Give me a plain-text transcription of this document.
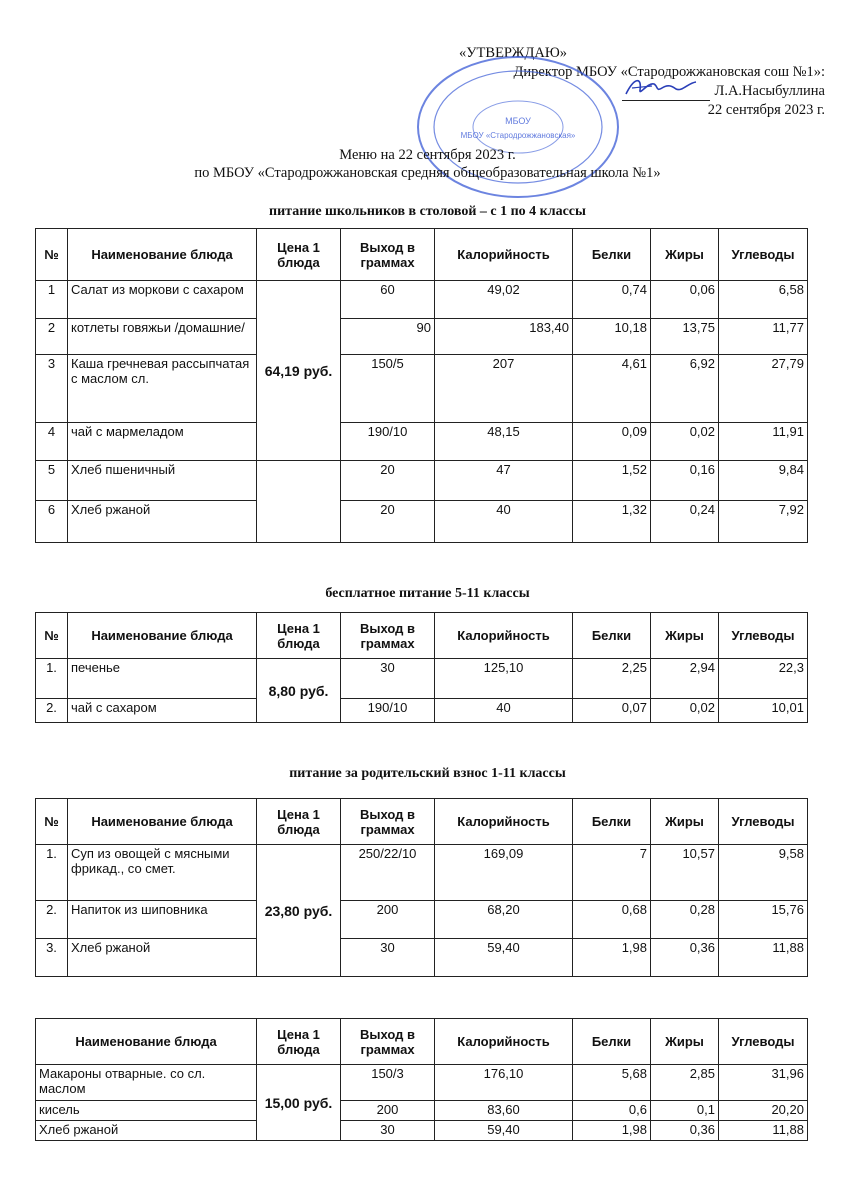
«УТВЕРЖДАЮ»
Директор МБОУ «Стародрожжановская сош №1»:
Л.А.Насыбуллина
22 сентября 2023 г.
МБОУ
МБОУ «Стародрожжановская»
Меню на 22 сентября 2023 г.
по МБОУ «Стародрожжановская средняя общеобразовательная школа №1»
питание школьников в столовой – с 1 по 4 классы
№	Наименование блюда	Цена 1 блюда	Выход в граммах	Калорийность	Белки	Жиры	Углеводы
1	Салат из моркови с сахаром	64,19 руб.	60	49,02	0,74	0,06	6,58
2	котлеты говяжьи /домашние/		90	183,40	10,18	13,75	11,77
3	Каша гречневая рассыпчатая с маслом сл.		150/5	207	4,61	6,92	27,79
4	чай с мармеладом		190/10	48,15	0,09	0,02	11,91
5	Хлеб пшеничный		20	47	1,52	0,16	9,84
6	Хлеб ржаной		20	40	1,32	0,24	7,92
бесплатное питание 5-11 классы
№	Наименование блюда	Цена 1 блюда	Выход в граммах	Калорийность	Белки	Жиры	Углеводы
1.	печенье	8,80 руб.	30	125,10	2,25	2,94	22,3
2.	чай с сахаром		190/10	40	0,07	0,02	10,01
питание за родительский взнос 1-11 классы
№	Наименование блюда	Цена 1 блюда	Выход в граммах	Калорийность	Белки	Жиры	Углеводы
1.	Суп из овощей с мясными фрикад., со смет.	23,80 руб.	250/22/10	169,09	7	10,57	9,58
2.	Напиток из шиповника		200	68,20	0,68	0,28	15,76
3.	Хлеб ржаной		30	59,40	1,98	0,36	11,88
Наименование блюда	Цена 1 блюда	Выход в граммах	Калорийность	Белки	Жиры	Углеводы
Макароны отварные. со сл. маслом	15,00 руб.	150/3	176,10	5,68	2,85	31,96
кисель		200	83,60	0,6	0,1	20,20
Хлеб ржаной		30	59,40	1,98	0,36	11,88
